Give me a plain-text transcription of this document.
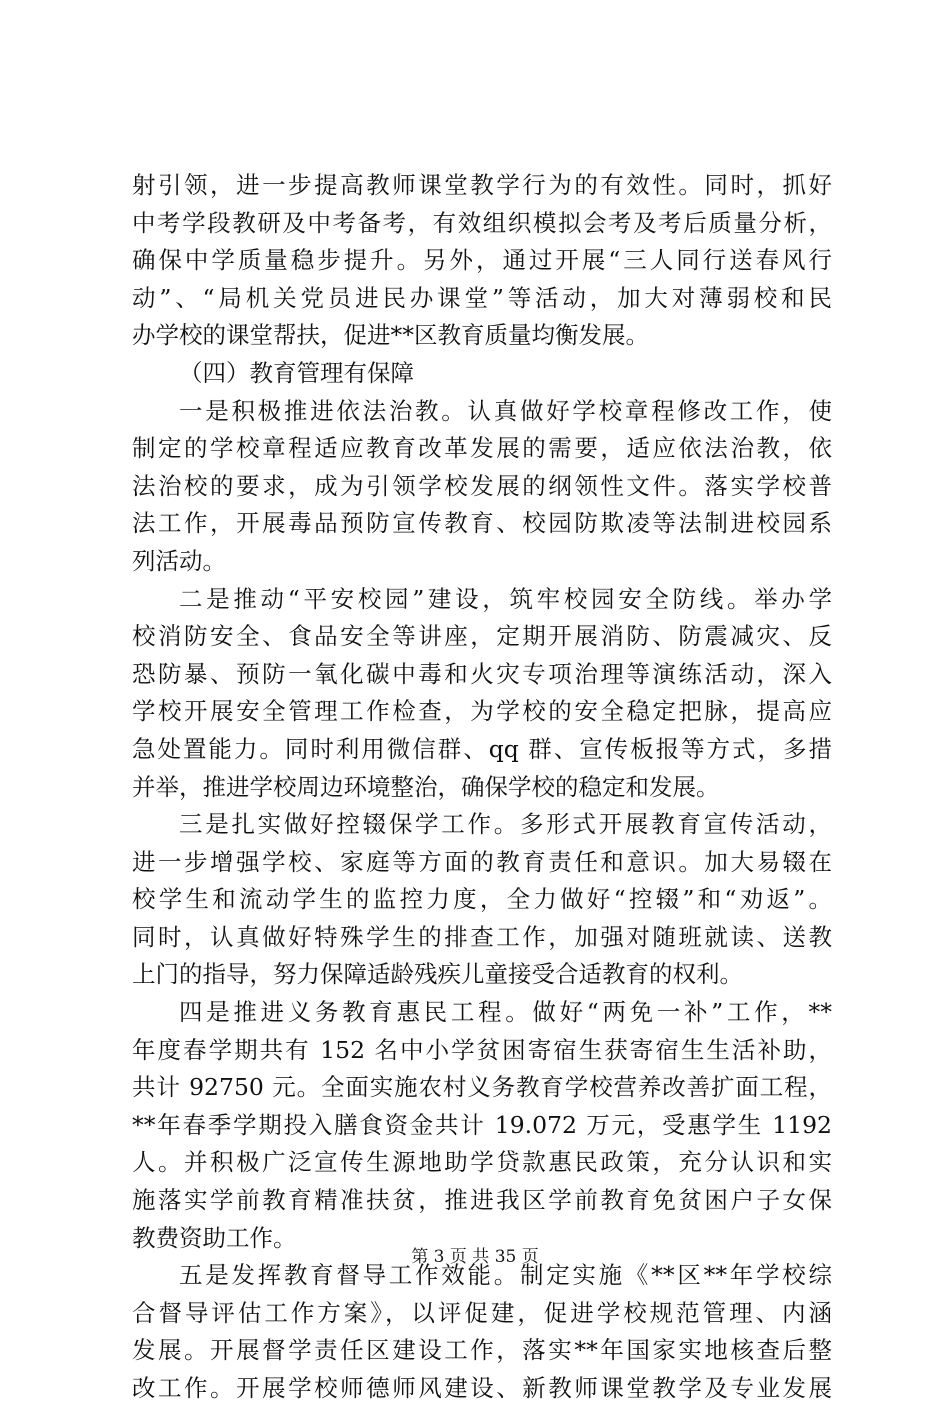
射引领，进一步提高教师课堂教学行为的有效性。同时，抓好
中考学段教研及中考备考，有效组织模拟会考及考后质量分析，
确保中学质量稳步提升。另外，通过开展“三人同行送春风行
动”、“局机关党员进民办课堂”等活动，加大对薄弱校和民
办学校的课堂帮扶，促进**区教育质量均衡发展。
（四）教育管理有保障
一是积极推进依法治教。认真做好学校章程修改工作，使
制定的学校章程适应教育改革发展的需要，适应依法治教，依
法治校的要求，成为引领学校发展的纲领性文件。落实学校普
法工作，开展毒品预防宣传教育、校园防欺凌等法制进校园系
列活动。
二是推动“平安校园”建设，筑牢校园安全防线。举办学
校消防安全、食品安全等讲座，定期开展消防、防震减灾、反
恐防暴、预防一氧化碳中毒和火灾专项治理等演练活动，深入
学校开展安全管理工作检查，为学校的安全稳定把脉，提高应
急处置能力。同时利用微信群、qq 群、宣传板报等方式，多措
并举，推进学校周边环境整治，确保学校的稳定和发展。
三是扎实做好控辍保学工作。多形式开展教育宣传活动，
进一步增强学校、家庭等方面的教育责任和意识。加大易辍在
校学生和流动学生的监控力度，全力做好“控辍”和“劝返”。
同时，认真做好特殊学生的排查工作，加强对随班就读、送教
上门的指导，努力保障适龄残疾儿童接受合适教育的权利。
四是推进义务教育惠民工程。做好“两免一补”工作，**
年度春学期共有 152 名中小学贫困寄宿生获寄宿生生活补助，
共计 92750 元。全面实施农村义务教育学校营养改善扩面工程，
**年春季学期投入膳食资金共计 19.072 万元，受惠学生 1192
人。并积极广泛宣传生源地助学贷款惠民政策，充分认识和实
施落实学前教育精准扶贫，推进我区学前教育免贫困户子女保
教费资助工作。
五是发挥教育督导工作效能。制定实施《**区**年学校综
合督导评估工作方案》，以评促建，促进学校规范管理、内涵
发展。开展督学责任区建设工作，落实**年国家实地核查后整
改工作。开展学校师德师风建设、新教师课堂教学及专业发展
第 3 页 共 35 页
